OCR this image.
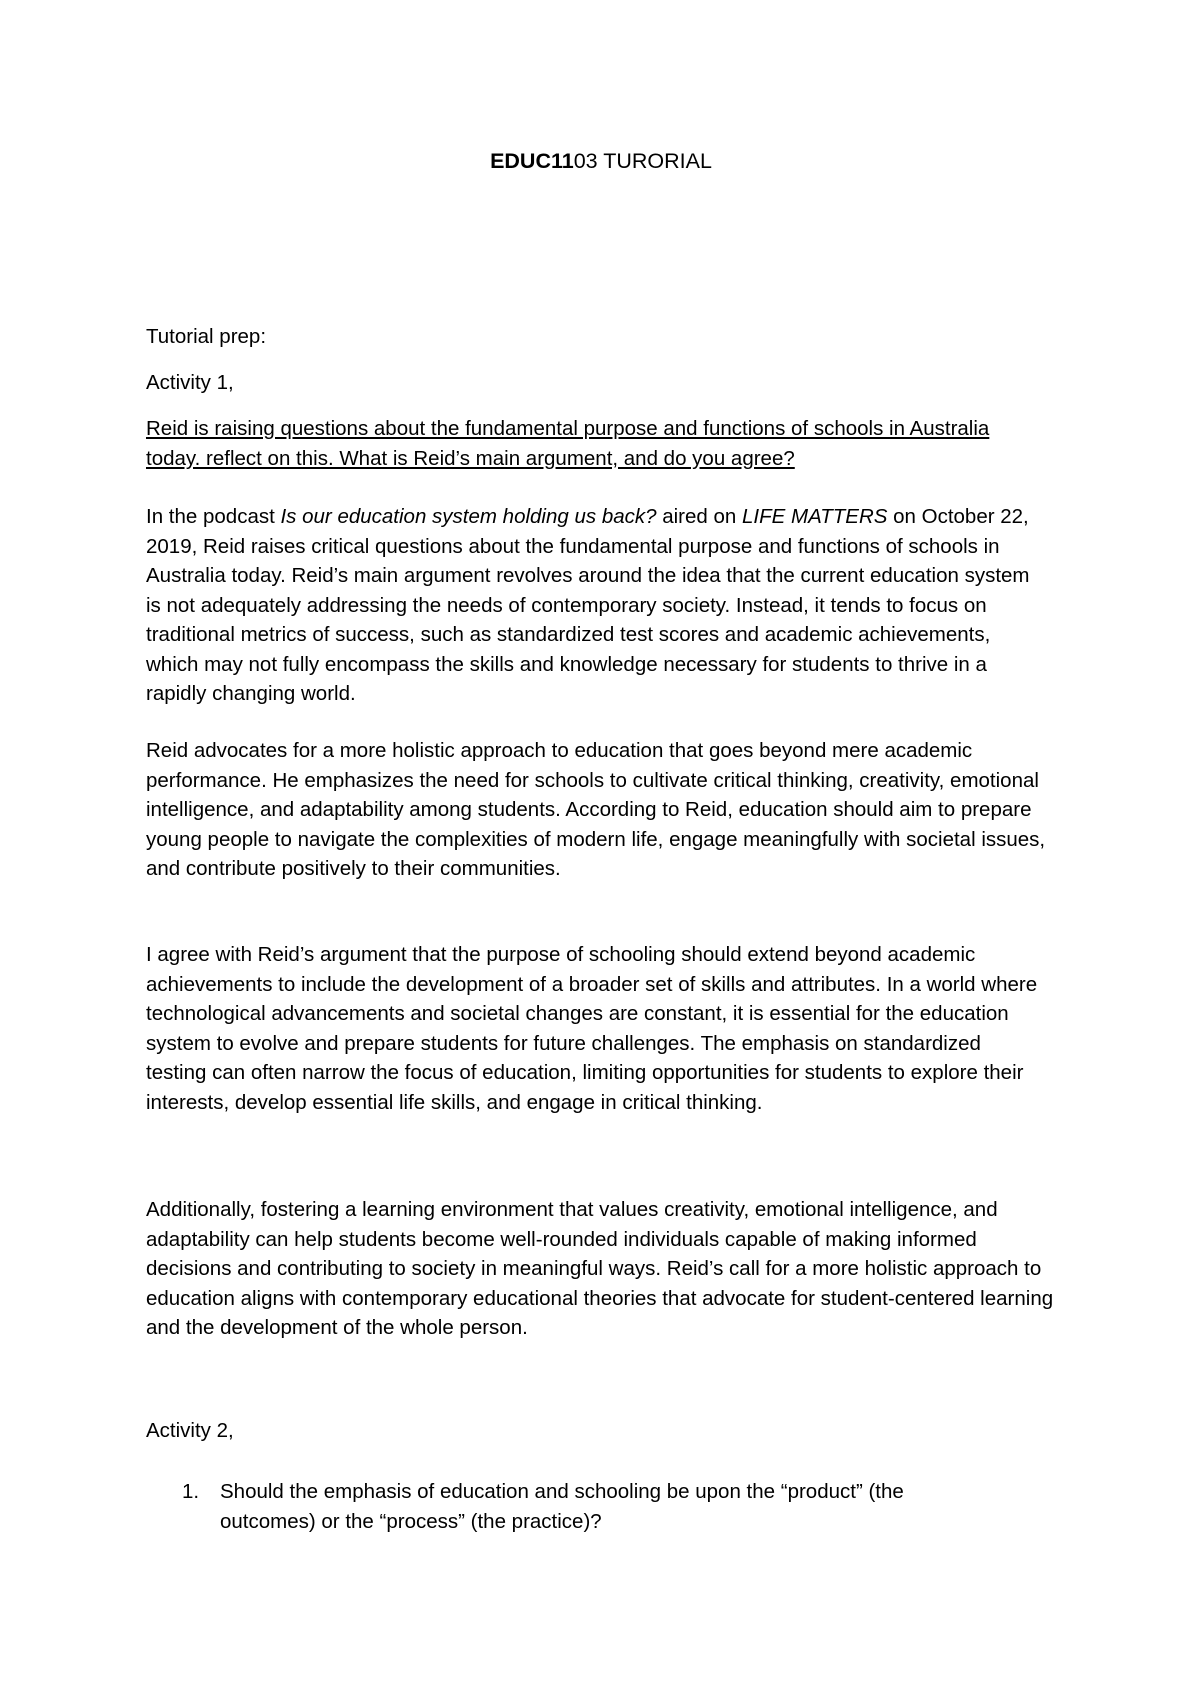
EDUC1103 TURORIAL

Tutorial prep:

Activity 1,

Reid is raising questions about the fundamental purpose and functions of schools in Australia today. reflect on this. What is Reid’s main argument, and do you agree?

In the podcast Is our education system holding us back? aired on LIFE MATTERS on October 22, 2019, Reid raises critical questions about the fundamental purpose and functions of schools in Australia today. Reid’s main argument revolves around the idea that the current education system is not adequately addressing the needs of contemporary society. Instead, it tends to focus on traditional metrics of success, such as standardized test scores and academic achievements, which may not fully encompass the skills and knowledge necessary for students to thrive in a rapidly changing world.

Reid advocates for a more holistic approach to education that goes beyond mere academic performance. He emphasizes the need for schools to cultivate critical thinking, creativity, emotional intelligence, and adaptability among students. According to Reid, education should aim to prepare young people to navigate the complexities of modern life, engage meaningfully with societal issues, and contribute positively to their communities.

I agree with Reid’s argument that the purpose of schooling should extend beyond academic achievements to include the development of a broader set of skills and attributes. In a world where technological advancements and societal changes are constant, it is essential for the education system to evolve and prepare students for future challenges. The emphasis on standardized testing can often narrow the focus of education, limiting opportunities for students to explore their interests, develop essential life skills, and engage in critical thinking.

Additionally, fostering a learning environment that values creativity, emotional intelligence, and adaptability can help students become well-rounded individuals capable of making informed decisions and contributing to society in meaningful ways. Reid’s call for a more holistic approach to education aligns with contemporary educational theories that advocate for student-centered learning and the development of the whole person.

Activity 2,

1. Should the emphasis of education and schooling be upon the “product” (the outcomes) or the “process” (the practice)?
